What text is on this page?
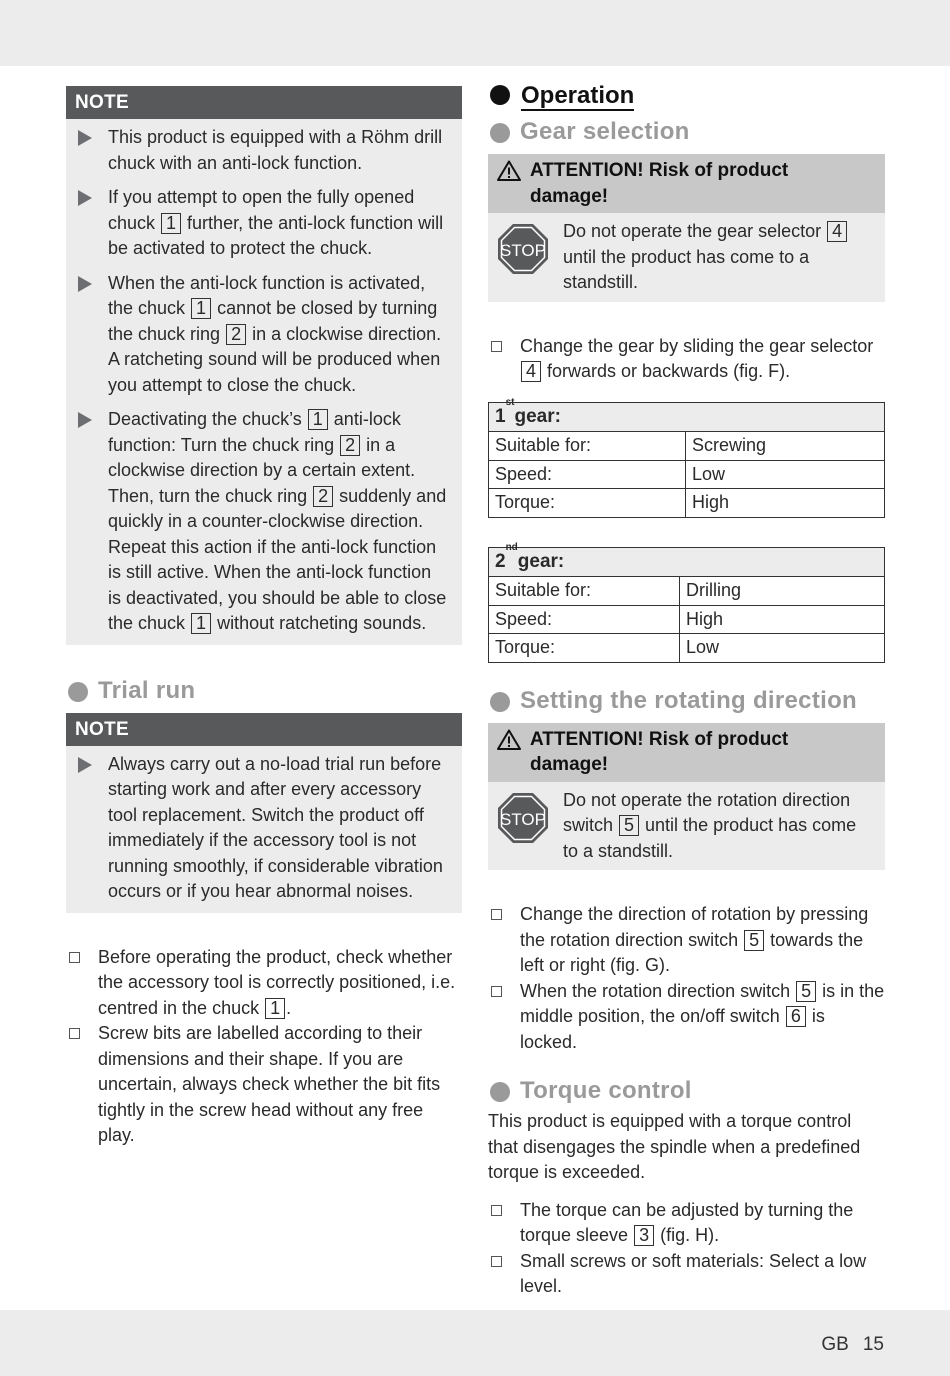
NOTE
This product is equipped with a Röhm drill chuck with an anti-lock function.
If you attempt to open the fully opened chuck 1 further, the anti-lock function will be activated to protect the chuck.
When the anti-lock function is activated, the chuck 1 cannot be closed by turning the chuck ring 2 in a clockwise direction. A ratcheting sound will be produced when you attempt to close the chuck.
Deactivating the chuck’s 1 anti-lock function: Turn the chuck ring 2 in a clockwise direction by a certain extent. Then, turn the chuck ring 2 suddenly and quickly in a counter-clockwise direction. Repeat this action if the anti-lock function is still active. When the anti-lock function is deactivated, you should be able to close the chuck 1 without ratcheting sounds.
Trial run
NOTE
Always carry out a no-load trial run before starting work and after every accessory tool replacement. Switch the product off immediately if the accessory tool is not running smoothly, if considerable vibration occurs or if you hear abnormal noises.
Before operating the product, check whether the accessory tool is correctly positioned, i.e. centred in the chuck 1 .
Screw bits are labelled according to their dimensions and their shape. If you are uncertain, always check whether the bit fits tightly in the screw head without any free play.
Operation
Gear selection
ATTENTION! Risk of product
damage!
STOP
Do not operate the gear selector 4 until the product has come to a standstill.
Change the gear by sliding the gear selector 4 forwards or backwards (fig. F).
1
st
gear:
Suitable for:	Screwing
Speed:	Low
Torque:	High
2
nd
gear:
Suitable for:	Drilling
Speed:	High
Torque:	Low
Setting the rotating direction
ATTENTION! Risk of product
damage!
STOP
Do not operate the rotation direction switch 5 until the product has come to a standstill.
Change the direction of rotation by pressing the rotation direction switch 5 towards the left or right (fig. G).
When the rotation direction switch 5 is in the middle position, the on/off switch 6 is locked.
Torque control

This product is equipped with a torque control that disengages the spindle when a predefined torque is exceeded.

The torque can be adjusted by turning the torque sleeve 3 (fig. H).
Small screws or soft materials: Select a low level.
GB 15
